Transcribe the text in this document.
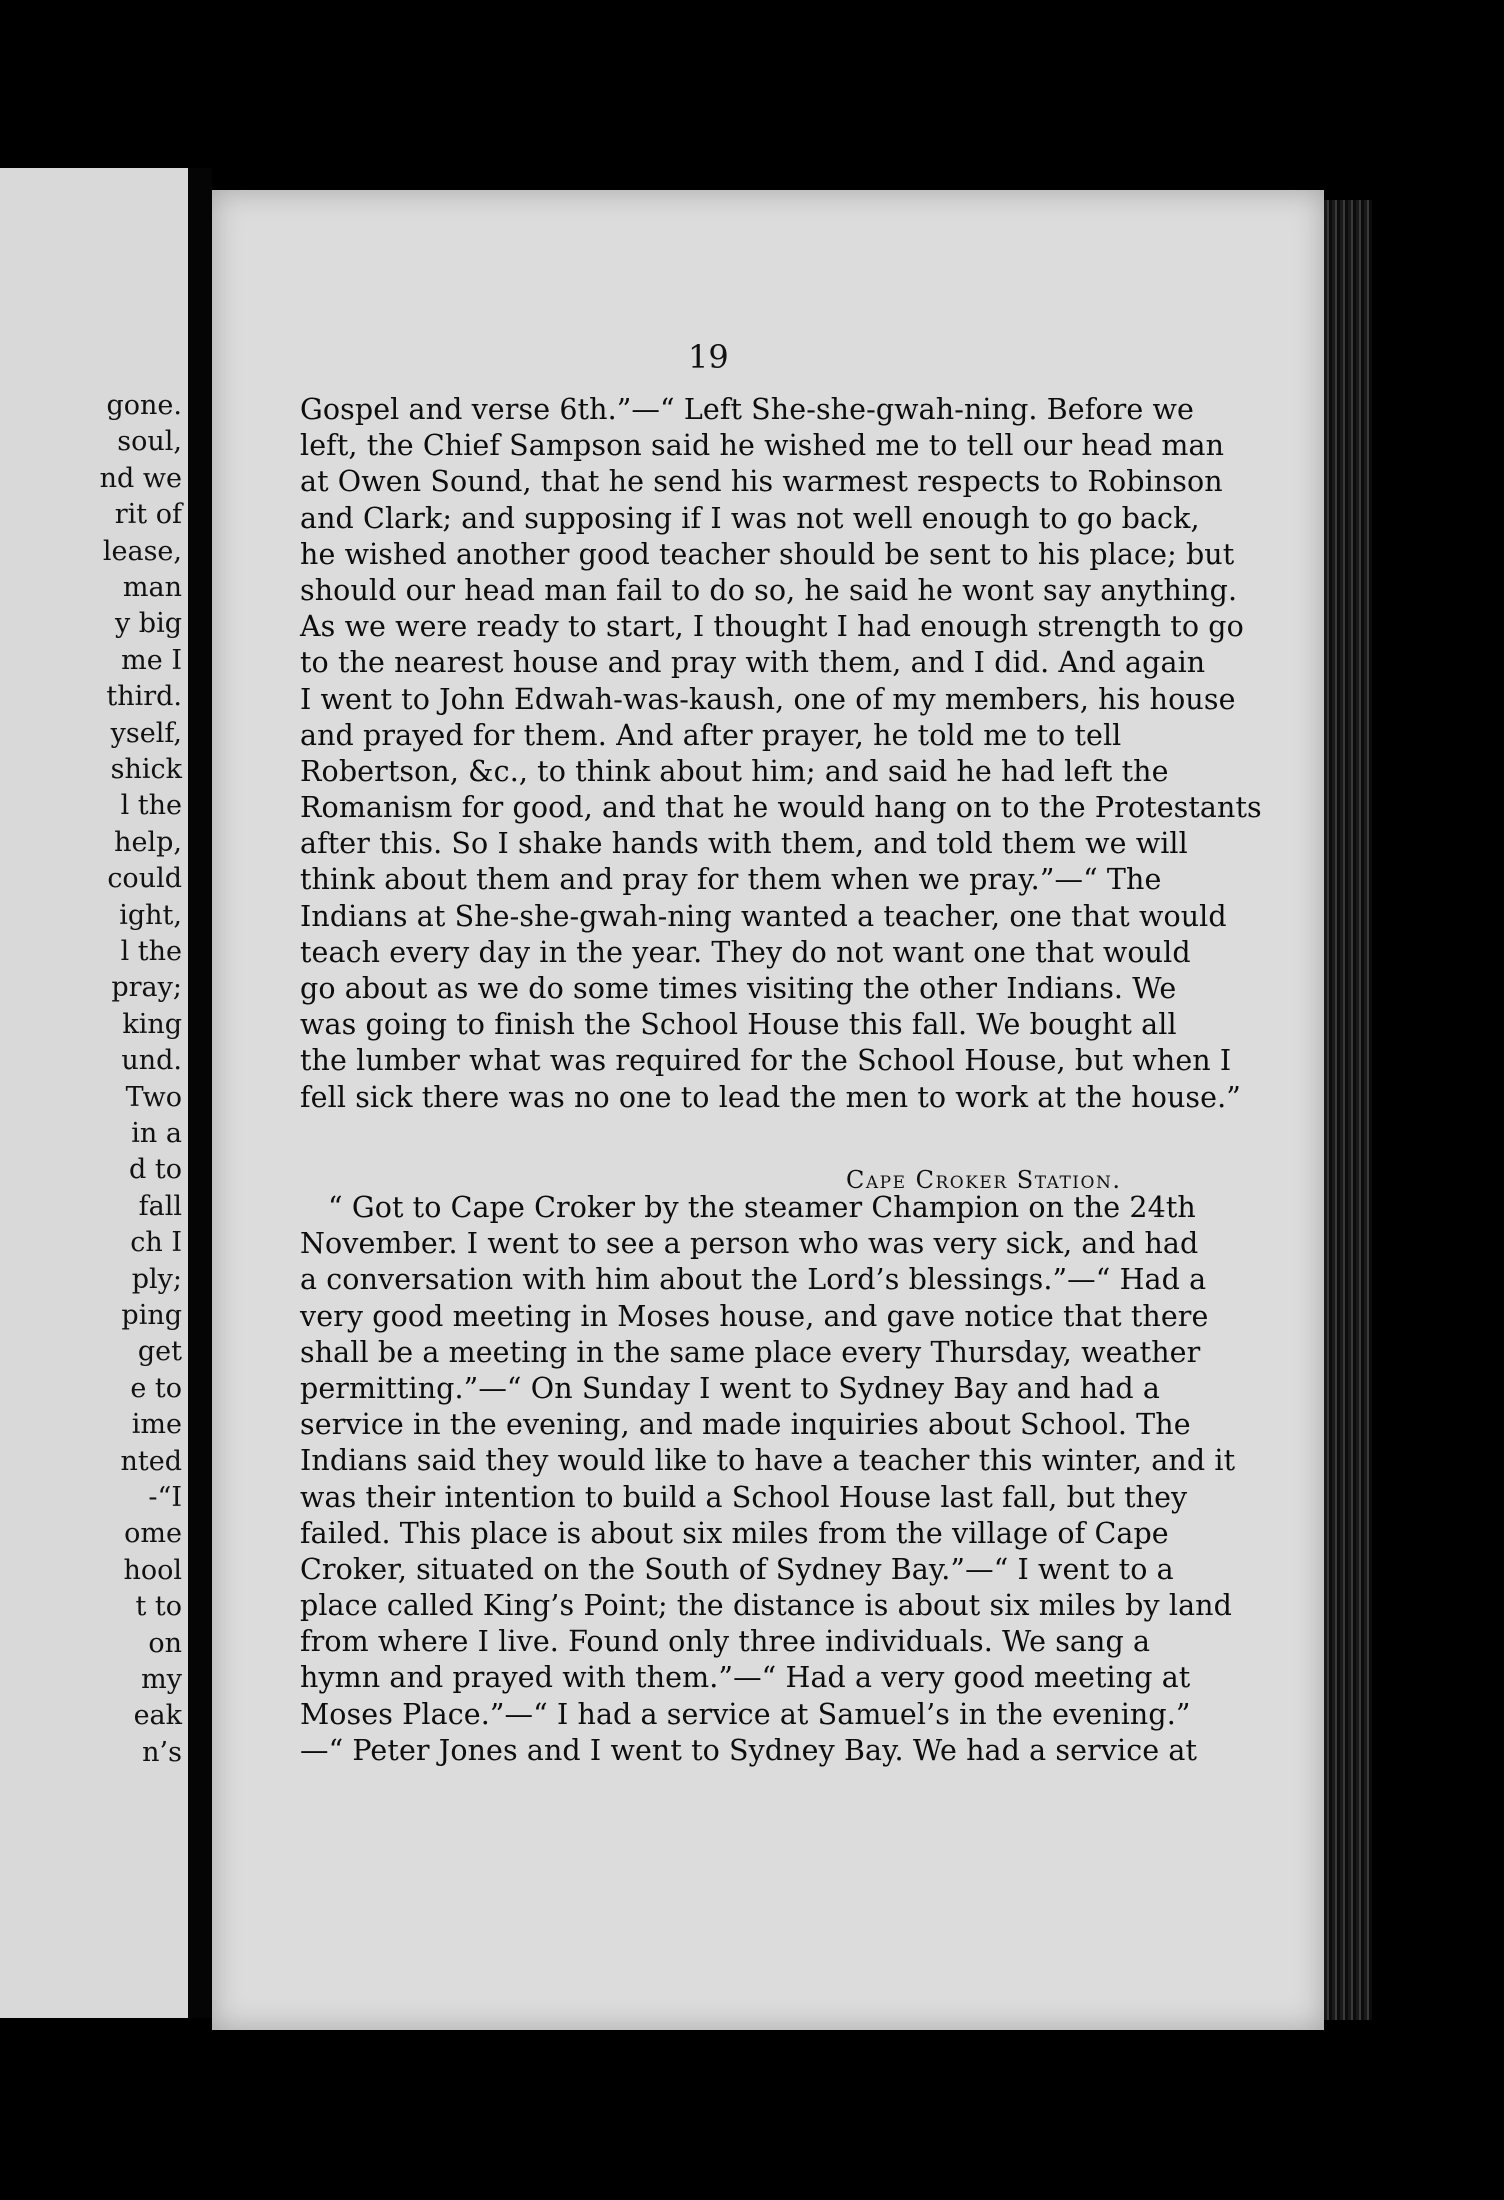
gone.
soul,
nd we
rit of
lease,
man
y big
me I
third.
yself,
shick
l the
help,
could
ight,
l the
pray;
king
und.
Two
in a
d to
fall
ch I
ply;
ping
get
e to
ime
nted
-“I
ome
hool
t to
on
my
eak
n’s
19
Gospel and verse 6th.”—“ Left She-she-gwah-ning. Before we
left, the Chief Sampson said he wished me to tell our head man
at Owen Sound, that he send his warmest respects to Robinson
and Clark; and supposing if I was not well enough to go back,
he wished another good teacher should be sent to his place; but
should our head man fail to do so, he said he wont say anything.
As we were ready to start, I thought I had enough strength to go
to the nearest house and pray with them, and I did. And again
I went to John Edwah-was-kaush, one of my members, his house
and prayed for them. And after prayer, he told me to tell
Robertson, &c., to think about him; and said he had left the
Romanism for good, and that he would hang on to the Protestants
after this. So I shake hands with them, and told them we will
think about them and pray for them when we pray.”—“ The
Indians at She-she-gwah-ning wanted a teacher, one that would
teach every day in the year. They do not want one that would
go about as we do some times visiting the other Indians. We
was going to finish the School House this fall. We bought all
the lumber what was required for the School House, but when I
fell sick there was no one to lead the men to work at the house.”
Cape Croker Station.
“ Got to Cape Croker by the steamer Champion on the 24th
November. I went to see a person who was very sick, and had
a conversation with him about the Lord’s blessings.”—“ Had a
very good meeting in Moses house, and gave notice that there
shall be a meeting in the same place every Thursday, weather
permitting.”—“ On Sunday I went to Sydney Bay and had a
service in the evening, and made inquiries about School. The
Indians said they would like to have a teacher this winter, and it
was their intention to build a School House last fall, but they
failed. This place is about six miles from the village of Cape
Croker, situated on the South of Sydney Bay.”—“ I went to a
place called King’s Point; the distance is about six miles by land
from where I live. Found only three individuals. We sang a
hymn and prayed with them.”—“ Had a very good meeting at
Moses Place.”—“ I had a service at Samuel’s in the evening.”
—“ Peter Jones and I went to Sydney Bay. We had a service at
